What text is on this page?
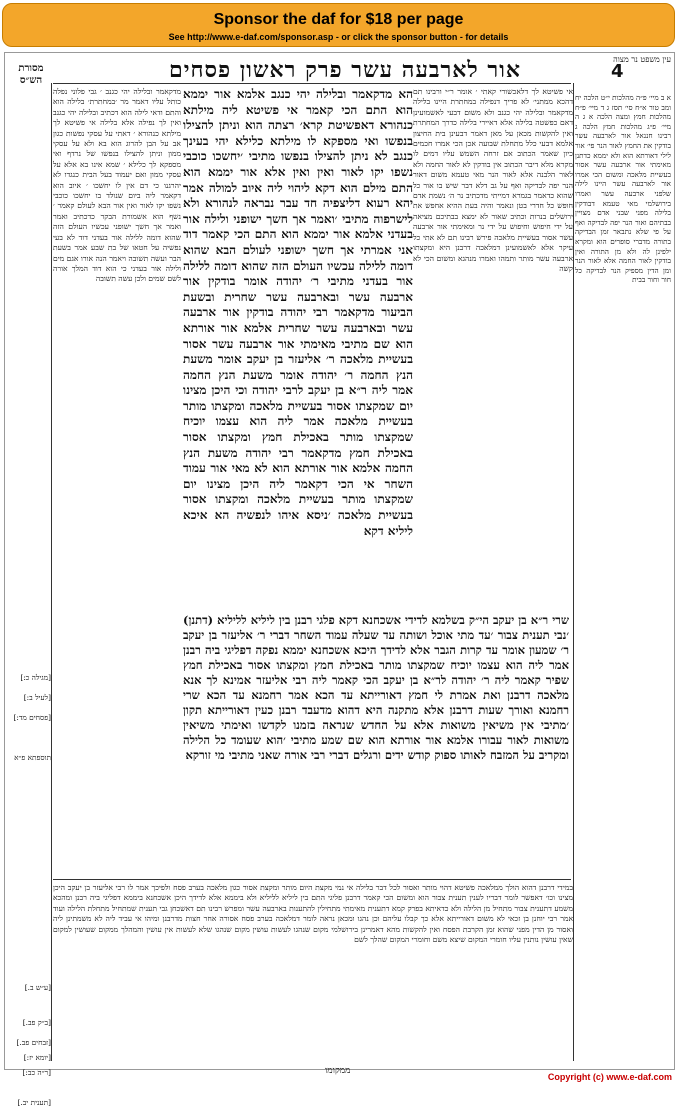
Sponsor the daf for $18 per page
See http://www.e-daf.com/sponsor.asp - or click the sponsor button - for details
4
מסורת הש״ס	אור לארבעה עשר פרק ראשון פסחים	עין משפט נר מצוה
מדקאמר ובלילה יהי כגנב ׳ גבי פלוני נפלה כותל עליו דאמר מר ׳במחתרת׳ בלילה הוא והתם ודאי לילה הוא דכתיב ובלילה יהי כגנב ואין לך נפילה אלא בלילה אי פשיטא לך מילתא כנהורא ׳ דאתי על עסקי נפשות כגון אב על הבן להרוג הוא בא ולא על עסקי ממון וניתן להצילו בנפשו של נרדף ואי מספקא לך כלילא ׳ שמא אינו בא אלא על עסקי ממון ואם יעמוד בעל הבית כנגדו לא יהרגנו כי דם אין לו יחשכו ׳ איוב הוא דקאמר ליה ביום שנולד בו יחשכו כוכבי נשפו יקו לאור ואין אור הבא לעולם קאמר ׳ נשף הוא אשמורת הבקר כדכתיב ואמר ואמר אך חשך ישופני עכשיו העולם הזה שהוא דומה ללילה אור בעדני דוד לא בעי נפשיה על חטאו של בת שבע אמר בשעת הבר ועשה תשובה ויאמר הנה אורו אגם מים ולילה אור בעדני כי הוא דוד המלך אורה לשם שמים ולכן עשה תשובה
הא מדקאמר ובלילה יהי כנגב אלמא אור יממא הוא התם הכי קאמר אי פשיטא ליה מילתא כנהורא דאפשיטת קרא׳ רצתה הוא וניתן להצילו בנפשו ואי מספקא לו מילתא כלילא יהי בעינך כנגב לא ניתן להצילו בנפשו מתיבי ׳יחשכו כוכבי נשפו יקו לאור ואין ואין אלא אור יממא הוא התם מילם הוא דקא ליהוי ליה איוב למולה אמר יהא רעוא דליצפיה חד עבר נבראה לנהורא ולא לישרפוה מתיבי ׳ואמר אך חשך ישופני ולילה אור בעדני אלמא אור יממא הוא התם הכי קאמר דוד אני אמרתי אך חשך ישופני לעולם הבא שהוא דומה ללילה עכשיו העולם הזה שהוא דומה ללילה אור בעדני מתיבי ר׳ יהודה אומר בודקין אור ארבעה עשר ובארבעה עשר שחרית ובשעת הביעור מדקאמר רבי יהודה בודקין אור ארבעה עשר ובארבעה עשר שחרית אלמא אור אורתא הוא שם מתיבי מאימתי אור ארבעה עשר אסור בעשיית מלאכה ר׳ אליעזר בן יעקב אומר משעת הנץ החמה ר׳ יהודה אומר משעת הנץ החמה אמר ליה ר״א בן יעקב לרבי יהודה וכי היכן מצינו יום שמקצתו אסור בעשיית מלאכה ומקצתו מותר בעשיית מלאכה אמר ליה הוא עצמו יוכיח שמקצתו מותר באכילת חמץ ומקצתו אסור באכילת חמץ מדקאמר רבי יהודה משעת הנץ החמה אלמא אור אורתא הוא לא מאי אור עמוד השחר אי הכי דקאמר ליה היכן מצינו יום שמקצתו מותר בעשיית מלאכה ומקצתו אסור בעשיית מלאכה ׳ניסא איהו לנפשיה הא איכא ליליא דקא
אי פשיטא לך דלאכשורי קאתי ׳ אומר ר״י ורבינו תם דהכא ממתני׳ לא פריך דנפילה במחתרת היינו בלילה מדקאמר ובלילה יהי כגנב ולא משום דבעי לאשמועינן דאם כפשטה בלילה אלא דאיירי בלילה כדרך המחתרת ואין להקשות מכאן על מאן דאמר דבעינן בית החיצון אלמא דבעי כלל מתחלת שבועה אכן הכי אמרו חכמים כיון שאמר הכתוב אם זרחה השמש עליו דמים לו מקרא מלא דיבר הכתוב אין בודקין לא לאור החמה ולא לאור הלבנה אלא לאור הנר מאי טעמא משום דאור הנר יפה לבדיקה ואף על גב דלא דבר שיש בו אור כל שהוא כדאמר בגמרא דמייתי מדכתיב נר ה׳ נשמת אדם חופש כל חדרי בטן ונאמר והיה בעת ההיא אחפש את ירושלים בנרות וכתיב שאור לא ימצא בבתיכם מציאה על ידי חיפוש וחיפוש על ידי נר ומאימתי אור ארבעה עשר אסור בעשיית מלאכה פירש רבינו תם לא אתי כל עיקר אלא לאשמועינן דמלאכה דרבנן היא ומקצתו ארבעה עשר מותר ותמהו ואמרו מנהגא ומשום הכי לא קשה
שרי ר״א בן יעקב הי״ק בשלמא לדידי אשכחנא דקא פלגי רבנן בין ליליא לליליא (דתנן) ׳נבי תענית צבור ׳עד מתי אוכל ושותה עד שעלה עמוד השחר דברי ר׳ אליעזר בן יעקב ר׳ שמעון אומר עד קרות הגבר אלא לדידך היכא אשכחנא יממא נפקה דפליגי ביה רבנן אמר ליה הוא עצמו יוכיח שמקצתו מותר באכילת חמץ ומקצתו אסור באכילת חמץ שפיר קאמר ליה ר׳ יהודה לר״א בן יעקב הכי קאמר ליה רבי אליעזר אמינא לך אנא מלאכה דרבנן ואת אמרת לי חמץ דאורייתא עד הכא אמר רחמנא עד הכא שרי רחמנא ואורך שעות דרבנן אלא מתקנה היא דהוא מדעבד רבנן כעין דאורייתא תקון ׳מתיבי אין משיאין משואות אלא על החדש שנראה בזמנו לקדשו ואימתי משיאין משואות לאור עבורו אלמא אור אורתא הוא שם שמע מתיבי ׳הוא שעומד כל הלילה ומקריב על המזבח לאותו ספוק קודש ידים ורגלים דברי רבי אורה שאני מתיבי מי זורקא
במידי דרבנן דהוא הולך ממלאכה פשיטא דהוי מותר ואסור לכל דבר בלילה אי נמי מקצת היום מותר ומקצת אסור כגון מלאכה בערב פסח ולפיכך אמר לו רבי אליעזר בן יעקב היכן מצינו וכו׳ דאפשר לומר דבריו לענין תענית צבור הוא ומשום הכי קאמר דרבנן פליגי התם בין ליליא לליליא ולא ביממא אלא לדידך היכן אשכחנא ביממא דפליגי ביה רבנן ומהכא משמע דתענית צבור מתחיל מן הלילה ולא כדאיתא בפרק קמא דתענית מאימתי מתחילין להתענות בארבעה עשר ומפרש רבינו תם דאשכחן גבי תענית שמתחיל מתחלת הלילה ועוד אמר רבי יוחנן בן זכאי לא משום דאורייתא אלא כך קבלו עליהם וכן נהגו ומכאן נראה לומר דמלאכה בערב פסח אסורה אחר חצות מדרבנן ומיהו אי עביד ליה לא משמתינן ליה ואסור מן הדין מפני שהוא זמן הקרבת הפסח ואין להקשות מהא דאמרינן בירושלמי מקום שנהגו לעשות עושין מקום שנהגו שלא לעשות אין עושין והמהלך ממקום שעושין למקום שאין עושין נותנין עליו חומרי המקום שיצא משם וחומרי המקום שהלך לשם
א ב מיי׳ פ״ה מהלכות י״ט הלכה יח ומב טור א״ח סי׳ תסז ג ד מיי׳ פ״ח מהלכות חמץ ומצה הלכה א ג ה מיי׳ פ״ג מהלכות חמץ הלכה ג רבינו חננאל אור לארבעה עשר בודקין את החמץ לאור הנר פי׳ אור לילי דאורתא הוא ולא יממא כדתנן מאימתי אור ארבעה עשר אסור בעשיית מלאכה ומשום הכי אמרו אור לארבעה עשר היינו לילה שלפני ארבעה עשר ואמרו בירושלמי מאי טעמא דבודקין בלילה מפני שבני אדם מצויין בבתיהם ואור הנר יפה לבדיקה ואף על פי שלא נתבאר זמן הבדיקה בתורה מדברי סופרים הוא ומקרא ילפינן לה ולא מן התורה ואין בודקין לאור החמה אלא לאור הנר ומן הדין מספיק הנר לבדיקה כל חור וחור בבית
[מגילה כ:]
[לעיל ב:]
[פסחים מד:]
תוספתא פ״א
[ע״ש ב.]
[ב״ק פב.]
[תענית יב.]
[ר״ה כב:]
[זבחים פב.]
[יומא יז:]
ממקומו
Copyright (c) www.e-daf.com
